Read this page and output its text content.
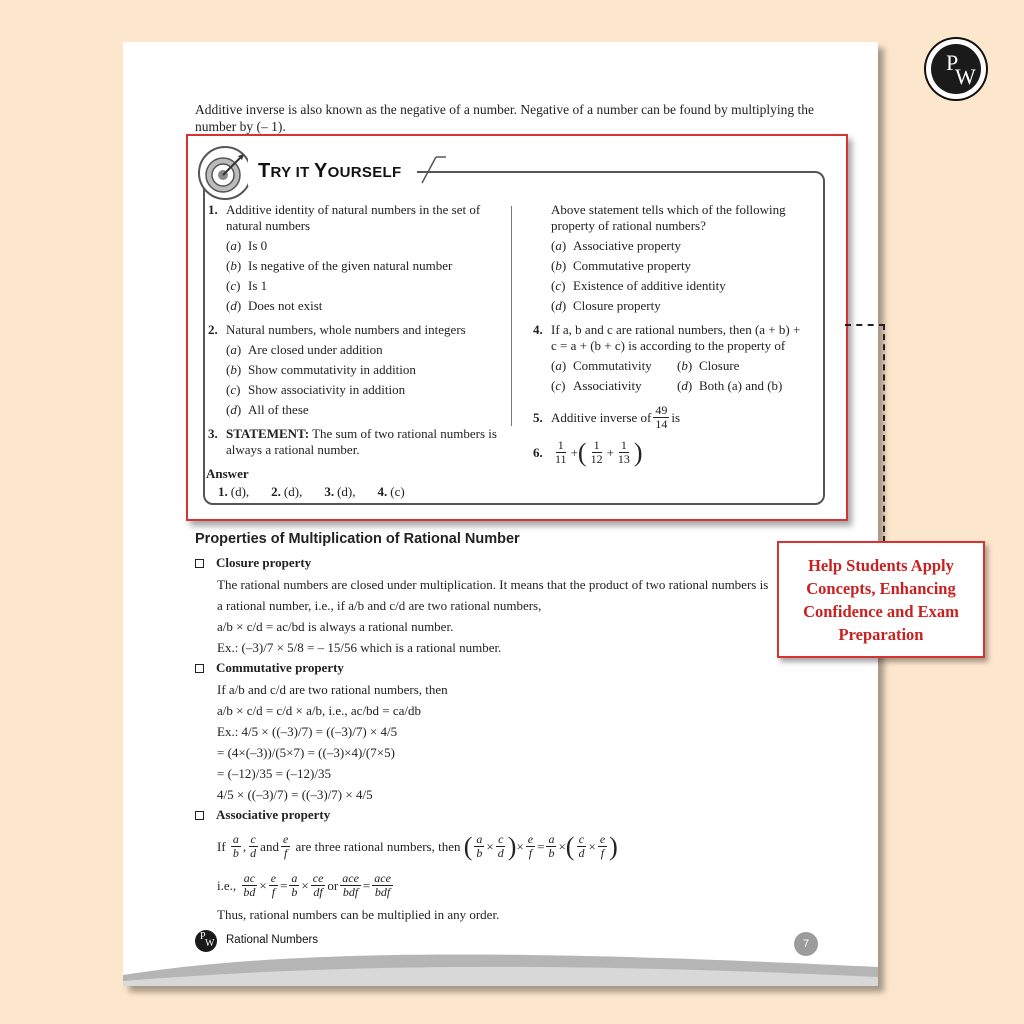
P
W
Additive inverse is also known as the negative of a number. Negative of a number can be found by multiplying the number by (– 1).
TRY IT YOURSELF
1. Additive identity of natural numbers in the set of natural numbers
(a) Is 0
(b) Is negative of the given natural number
(c) Is 1
(d) Does not exist
2. Natural numbers, whole numbers and integers
(a) Are closed under addition
(b) Show commutativity in addition
(c) Show associativity in addition
(d) All of these
3. STATEMENT: The sum of two rational numbers is always a rational number.
Above statement tells which of the following property of rational numbers?
(a) Associative property
(b) Commutative property
(c) Existence of additive identity
(d) Closure property
4. If a, b and c are rational numbers, then (a + b) + c = a + (b + c) is according to the property of
(a) Commutativity (b) Closure
(c) Associativity	(d) Both (a) and (b)
5. Additive inverse of $\frac{49}{14}$ is
6. $\frac{1}{11}$ + ( $\frac{1}{12} + \frac{1}{13}$ )
Answer
1. (d), 2. (d), 3. (d), 4. (c)
Properties of Multiplication of Rational Number
Closure property
The rational numbers are closed under multiplication. It means that the product of two rational numbers is
a rational number, i.e., if a/b and c/d are two rational numbers,
a/b × c/d = ac/bd is always a rational number.
Ex.: (–3)/7 × 5/8 = – 15/56 which is a rational number.
Commutative property
If a/b and c/d are two rational numbers, then
a/b × c/d = c/d × a/b, i.e., ac/bd = ca/db
Ex.: 4/5 × ((–3)/7) = ((–3)/7) × 4/5
= (4×(–3))/(5×7) = ((–3)×4)/(7×5)
= (–12)/35 = (–12)/35
4/5 × ((–3)/7) = ((–3)/7) × 4/5
Associative property
If
$\frac{a}{b}$ , $\frac{c}{d}$ and $\frac{e}{f}$
are three rational numbers, then
( $\frac{a}{b} \times \frac{c}{d}$ ) × $\frac{e}{f} = \frac{a}{b}$ × ( $\frac{c}{d} \times \frac{e}{f}$ )
i.e.,
$\frac{ac}{bd} \times \frac{e}{f} = \frac{a}{b} \times \frac{ce}{df}$ or $\frac{\text{ace}}{\text{bdf}} = \frac{\text{ace}}{\text{bdf}}$
Thus, rational numbers can be multiplied in any order.
Help Students Apply Concepts, Enhancing Confidence and Exam Preparation
P
W Rational Numbers	7
